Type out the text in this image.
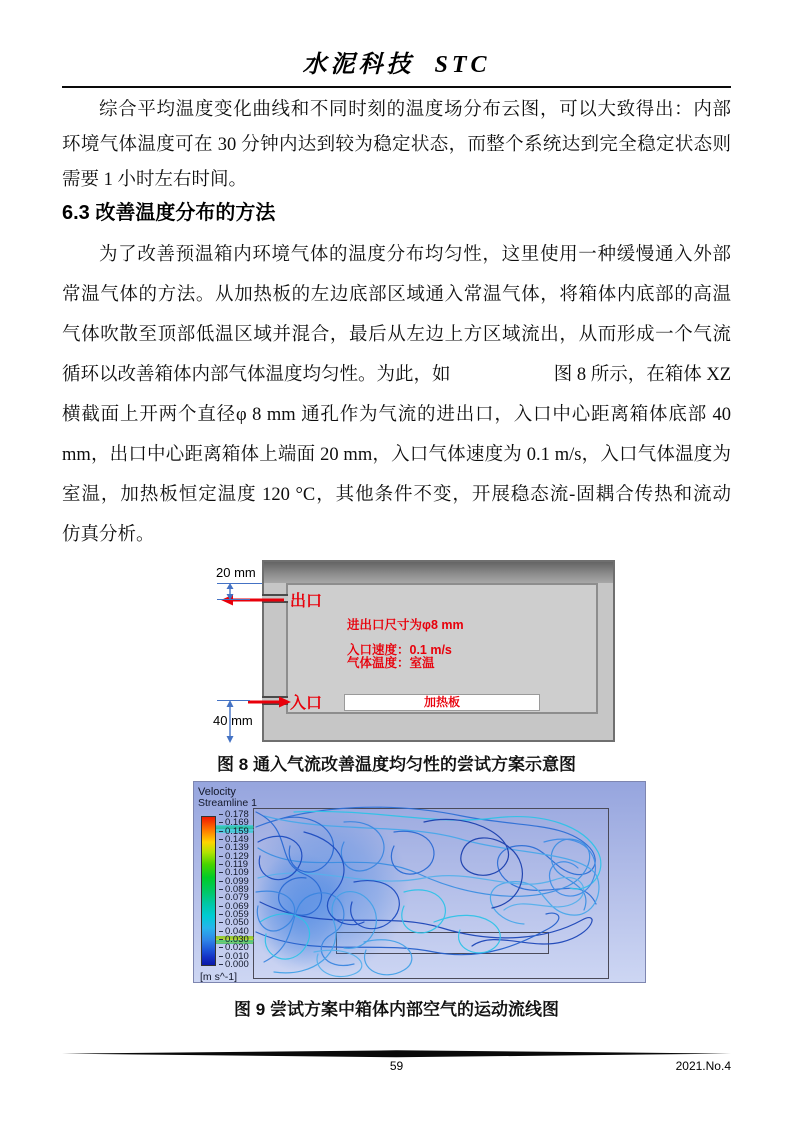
水泥科技 STC
综合平均温度变化曲线和不同时刻的温度场分布云图，可以大致得出：内部
环境气体温度可在 30 分钟内达到较为稳定状态，而整个系统达到完全稳定状态则
需要 1 小时左右时间。
6.3 改善温度分布的方法
为了改善预温箱内环境气体的温度分布均匀性，这里使用一种缓慢通入外部
常温气体的方法。从加热板的左边底部区域通入常温气体，将箱体内底部的高温
气体吹散至顶部低温区域并混合，最后从左边上方区域流出，从而形成一个气流
循环以改善箱体内部气体温度均匀性。为此，如	图 8 所示，在箱体 XZ
横截面上开两个直径φ 8 mm 通孔作为气流的进出口，入口中心距离箱体底部 40
mm，出口中心距离箱体上端面 20 mm，入口气体速度为 0.1 m/s，入口气体温度为
室温，加热板恒定温度 120 °C，其他条件不变，开展稳态流-固耦合传热和流动
仿真分析。
加热板
出口
入口
进出口尺寸为φ8 mm
入口速度：0.1 m/s
气体温度：室温
20 mm
40 mm
图 8 通入气流改善温度均匀性的尝试方案示意图
Velocity
Streamline 1
0.178
0.169
0.159
0.149
0.139
0.129
0.119
0.109
0.099
0.089
0.079
0.069
0.059
0.050
0.040
0.030
0.020
0.010
0.000
[m s^-1]
图 9 尝试方案中箱体内部空气的运动流线图
59	2021.No.4
